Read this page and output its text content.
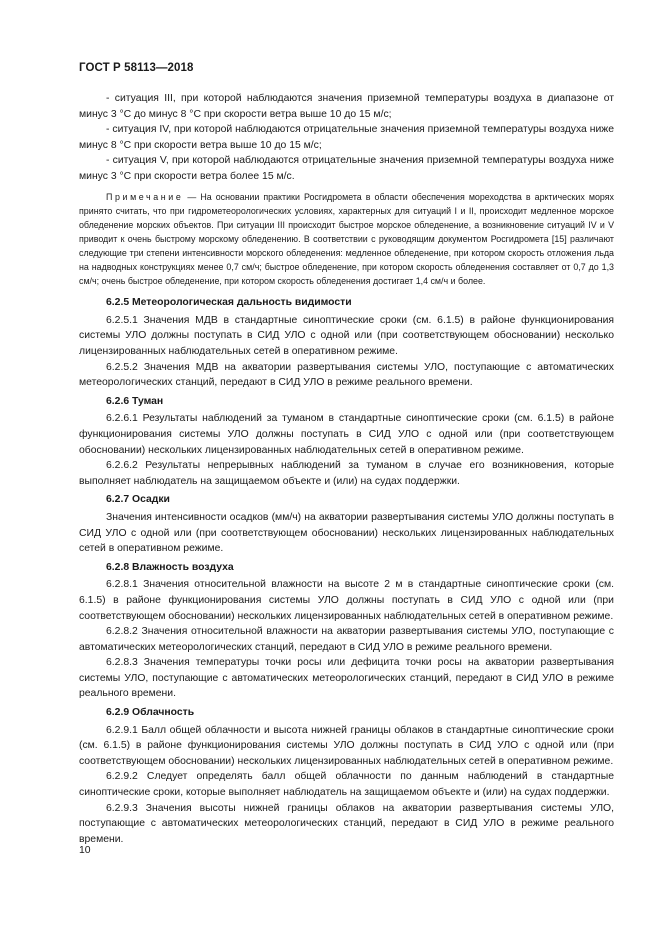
ГОСТ Р 58113—2018

- ситуация III, при которой наблюдаются значения приземной температуры воздуха в диапазоне от минус 3 °С до минус 8 °С при скорости ветра выше 10 до 15 м/с;

- ситуация IV, при которой наблюдаются отрицательные значения приземной температуры воздуха ниже минус 8 °С при скорости ветра выше 10 до 15 м/с;

- ситуация V, при которой наблюдаются отрицательные значения приземной температуры воздуха ниже минус 3 °С при скорости ветра более 15 м/с.

Примечание — На основании практики Росгидромета в области обеспечения мореходства в арктических морях принято считать, что при гидрометеорологических условиях, характерных для ситуаций I и II, происходит медленное морское обледенение морских объектов. При ситуации III происходит быстрое морское обледенение, а возникновение ситуаций IV и V приводит к очень быстрому морскому обледенению. В соответствии с руководящим документом Росгидромета [15] различают следующие три степени интенсивности морского обледенения: медленное обледенение, при котором скорость отложения льда на надводных конструкциях менее 0,7 см/ч; быстрое обледенение, при котором скорость обледенения составляет от 0,7 до 1,3 см/ч; очень быстрое обледенение, при котором скорость обледенения достигает 1,4 см/ч и более.

6.2.5 Метеорологическая дальность видимости

6.2.5.1 Значения МДВ в стандартные синоптические сроки (см. 6.1.5) в районе функционирования системы УЛО должны поступать в СИД УЛО с одной или (при соответствующем обосновании) несколько лицензированных наблюдательных сетей в оперативном режиме.

6.2.5.2 Значения МДВ на акватории развертывания системы УЛО, поступающие с автоматических метеорологических станций, передают в СИД УЛО в режиме реального времени.

6.2.6 Туман

6.2.6.1 Результаты наблюдений за туманом в стандартные синоптические сроки (см. 6.1.5) в районе функционирования системы УЛО должны поступать в СИД УЛО с одной или (при соответствующем обосновании) нескольких лицензированных наблюдательных сетей в оперативном режиме.

6.2.6.2 Результаты непрерывных наблюдений за туманом в случае его возникновения, которые выполняет наблюдатель на защищаемом объекте и (или) на судах поддержки.

6.2.7 Осадки

Значения интенсивности осадков (мм/ч) на акватории развертывания системы УЛО должны поступать в СИД УЛО с одной или (при соответствующем обосновании) нескольких лицензированных наблюдательных сетей в оперативном режиме.

6.2.8 Влажность воздуха

6.2.8.1 Значения относительной влажности на высоте 2 м в стандартные синоптические сроки (см. 6.1.5) в районе функционирования системы УЛО должны поступать в СИД УЛО с одной или (при соответствующем обосновании) нескольких лицензированных наблюдательных сетей в оперативном режиме.

6.2.8.2 Значения относительной влажности на акватории развертывания системы УЛО, поступающие с автоматических метеорологических станций, передают в СИД УЛО в режиме реального времени.

6.2.8.3 Значения температуры точки росы или дефицита точки росы на акватории развертывания системы УЛО, поступающие с автоматических метеорологических станций, передают в СИД УЛО в режиме реального времени.

6.2.9 Облачность

6.2.9.1 Балл общей облачности и высота нижней границы облаков в стандартные синоптические сроки (см. 6.1.5) в районе функционирования системы УЛО должны поступать в СИД УЛО с одной или (при соответствующем обосновании) нескольких лицензированных наблюдательных сетей в оперативном режиме.

6.2.9.2 Следует определять балл общей облачности по данным наблюдений в стандартные синоптические сроки, которые выполняет наблюдатель на защищаемом объекте и (или) на судах поддержки.

6.2.9.3 Значения высоты нижней границы облаков на акватории развертывания системы УЛО, поступающие с автоматических метеорологических станций, передают в СИД УЛО в режиме реального времени.

10
